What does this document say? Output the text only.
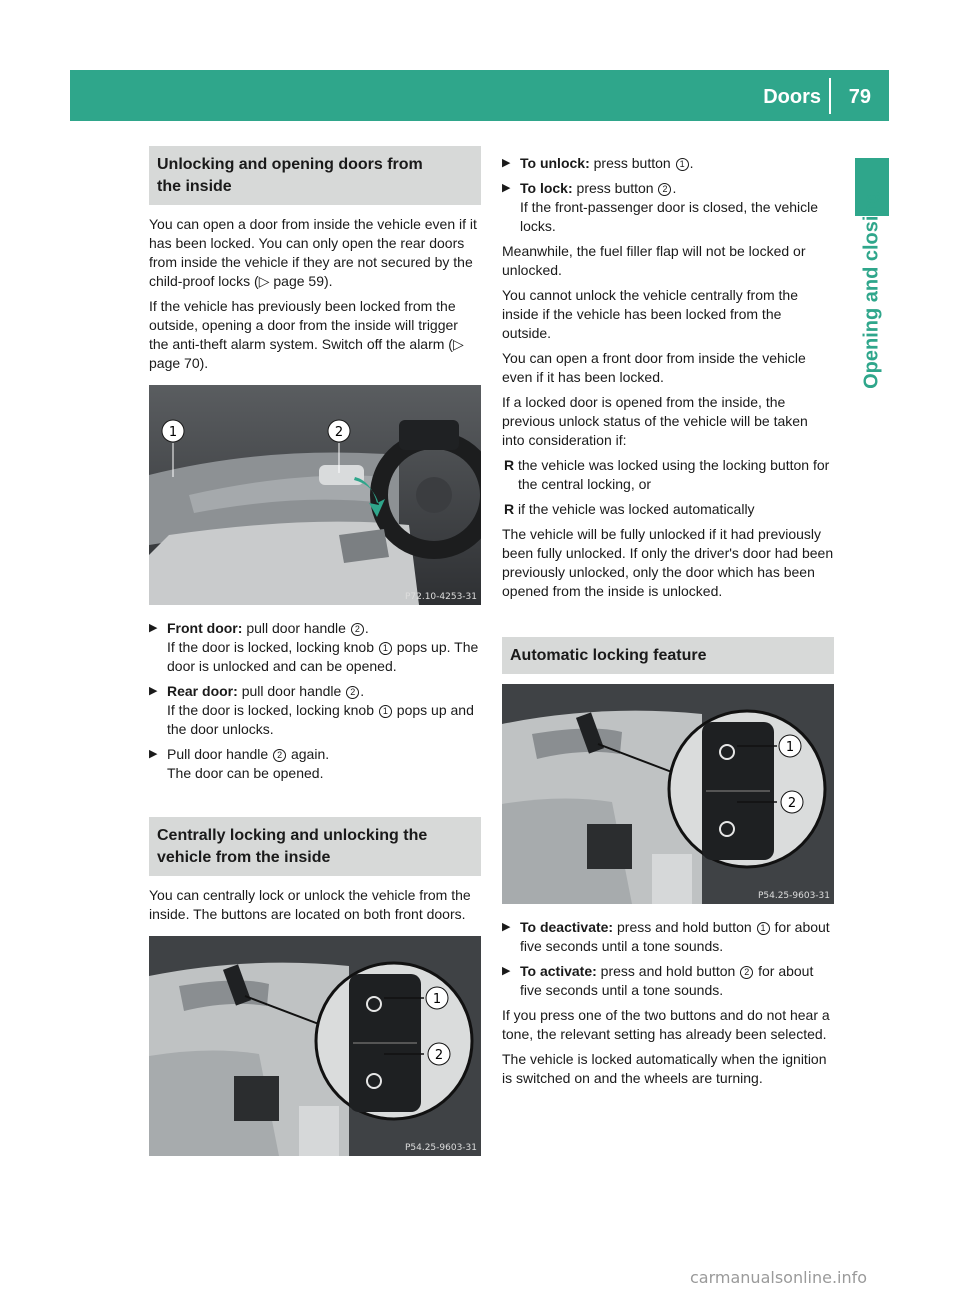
Doors 79
Opening and closing
Unlocking and opening doors from
the inside

You can open a door from inside the vehicle even if it has been locked. You can only open the rear doors from inside the vehicle if they are not secured by the child-proof locks (▷ page 59).

If the vehicle has previously been locked from the outside, opening a door from the inside will trigger the anti-theft alarm system. Switch off the alarm (▷ page 70).

1	2
P72.10-4253-31
▶ Front door: pull door handle 2 .
If the door is locked, locking knob 1 pops up. The door is unlocked and can be opened.
▶ Rear door: pull door handle 2 .
If the door is locked, locking knob 1 pops up and the door unlocks.
▶ Pull door handle 2 again.
The door can be opened.
Centrally locking and unlocking the
vehicle from the inside

You can centrally lock or unlock the vehicle from the inside. The buttons are located on both front doors.

1
2
P54.25-9603-31
▶ To unlock: press button 1 .
▶ To lock: press button 2 .
If the front-passenger door is closed, the vehicle locks.

Meanwhile, the fuel filler flap will not be locked or unlocked.

You cannot unlock the vehicle centrally from the inside if the vehicle has been locked from the outside.

You can open a front door from inside the vehicle even if it has been locked.

If a locked door is opened from the inside, the previous unlock status of the vehicle will be taken into consideration if:

R the vehicle was locked using the locking button for the central locking, or
R if the vehicle was locked automatically

The vehicle will be fully unlocked if it had previously been fully unlocked. If only the driver's door had been previously unlocked, only the door which has been opened from the inside is unlocked.

Automatic locking feature
1
2
P54.25-9603-31
▶ To deactivate: press and hold button 1 for about five seconds until a tone sounds.
▶ To activate: press and hold button 2 for about five seconds until a tone sounds.

If you press one of the two buttons and do not hear a tone, the relevant setting has already been selected.

The vehicle is locked automatically when the ignition is switched on and the wheels are turning.

carmanualsonline.info
